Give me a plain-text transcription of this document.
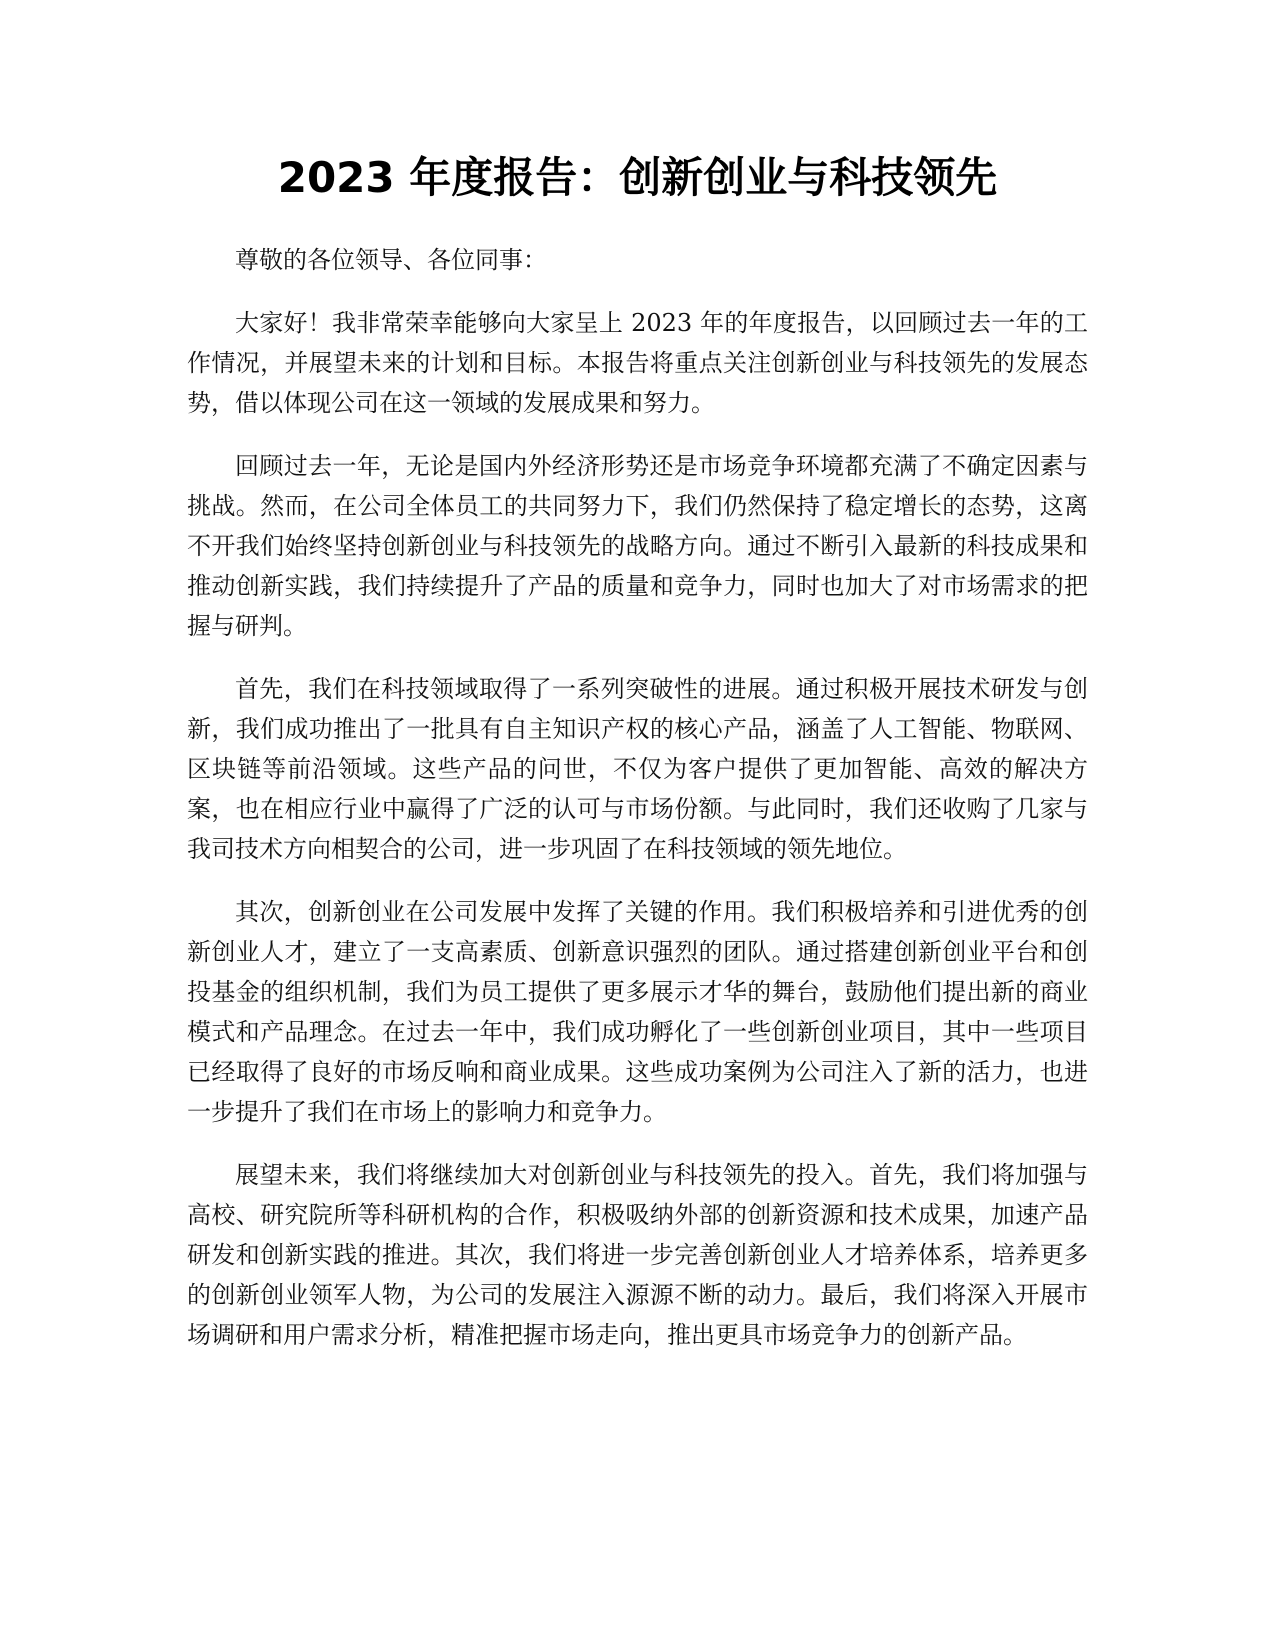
2023 年度报告：创新创业与科技领先

尊敬的各位领导、各位同事：

大家好！我非常荣幸能够向大家呈上 2023 年的年度报告，以回顾过去一年的工作情况，并展望未来的计划和目标。本报告将重点关注创新创业与科技领先的发展态势，借以体现公司在这一领域的发展成果和努力。

回顾过去一年，无论是国内外经济形势还是市场竞争环境都充满了不确定因素与挑战。然而，在公司全体员工的共同努力下，我们仍然保持了稳定增长的态势，这离不开我们始终坚持创新创业与科技领先的战略方向。通过不断引入最新的科技成果和推动创新实践，我们持续提升了产品的质量和竞争力，同时也加大了对市场需求的把握与研判。

首先，我们在科技领域取得了一系列突破性的进展。通过积极开展技术研发与创新，我们成功推出了一批具有自主知识产权的核心产品，涵盖了人工智能、物联网、区块链等前沿领域。这些产品的问世，不仅为客户提供了更加智能、高效的解决方案，也在相应行业中赢得了广泛的认可与市场份额。与此同时，我们还收购了几家与我司技术方向相契合的公司，进一步巩固了在科技领域的领先地位。

其次，创新创业在公司发展中发挥了关键的作用。我们积极培养和引进优秀的创新创业人才，建立了一支高素质、创新意识强烈的团队。通过搭建创新创业平台和创投基金的组织机制，我们为员工提供了更多展示才华的舞台，鼓励他们提出新的商业模式和产品理念。在过去一年中，我们成功孵化了一些创新创业项目，其中一些项目已经取得了良好的市场反响和商业成果。这些成功案例为公司注入了新的活力，也进一步提升了我们在市场上的影响力和竞争力。

展望未来，我们将继续加大对创新创业与科技领先的投入。首先，我们将加强与高校、研究院所等科研机构的合作，积极吸纳外部的创新资源和技术成果，加速产品研发和创新实践的推进。其次，我们将进一步完善创新创业人才培养体系，培养更多的创新创业领军人物，为公司的发展注入源源不断的动力。最后，我们将深入开展市场调研和用户需求分析，精准把握市场走向，推出更具市场竞争力的创新产品。
